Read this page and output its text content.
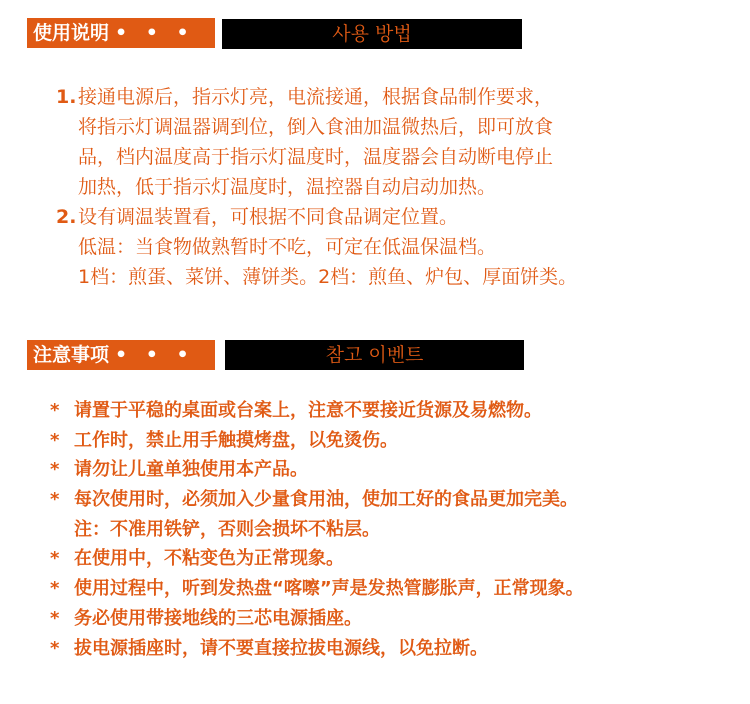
使用说明 • • •	사용 방법
1.接通电源后，指示灯亮，电流接通，根据食品制作要求，
将指示灯调温器调到位，倒入食油加温微热后，即可放食
品，档内温度高于指示灯温度时，温度器会自动断电停止
加热，低于指示灯温度时，温控器自动启动加热。
2.设有调温装置看，可根据不同食品调定位置。
低温：当食物做熟暂时不吃，可定在低温保温档。
1档：煎蛋、菜饼、薄饼类。2档：煎鱼、炉包、厚面饼类。
注意事项 • • •	참고 이벤트
* 请置于平稳的桌面或台案上，注意不要接近货源及易燃物。
* 工作时，禁止用手触摸烤盘，以免烫伤。
* 请勿让儿童单独使用本产品。
* 每次使用时，必须加入少量食用油，使加工好的食品更加完美。
注：不准用铁铲，否则会损坏不粘层。
* 在使用中，不粘变色为正常现象。
* 使用过程中，听到发热盘“喀嚓”声是发热管膨胀声，正常现象。
* 务必使用带接地线的三芯电源插座。
* 拔电源插座时，请不要直接拉拔电源线，以免拉断。
